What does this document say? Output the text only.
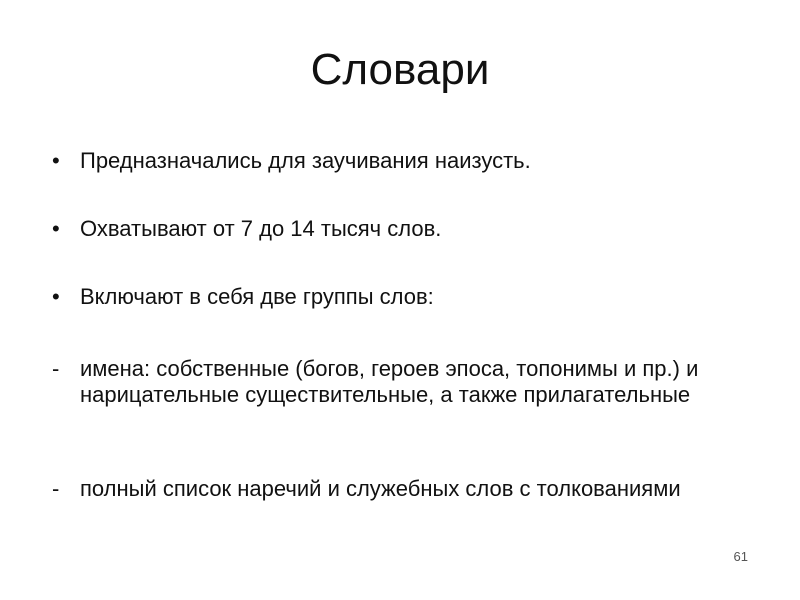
Словари
• Предназначались для заучивания наизусть.
• Охватывают от 7 до 14 тысяч слов.
• Включают в себя две группы слов:
- имена: собственные (богов, героев эпоса, топонимы и пр.) и нарицательные существительные, а также прилагательные
- полный список наречий и служебных слов с толкованиями
61
